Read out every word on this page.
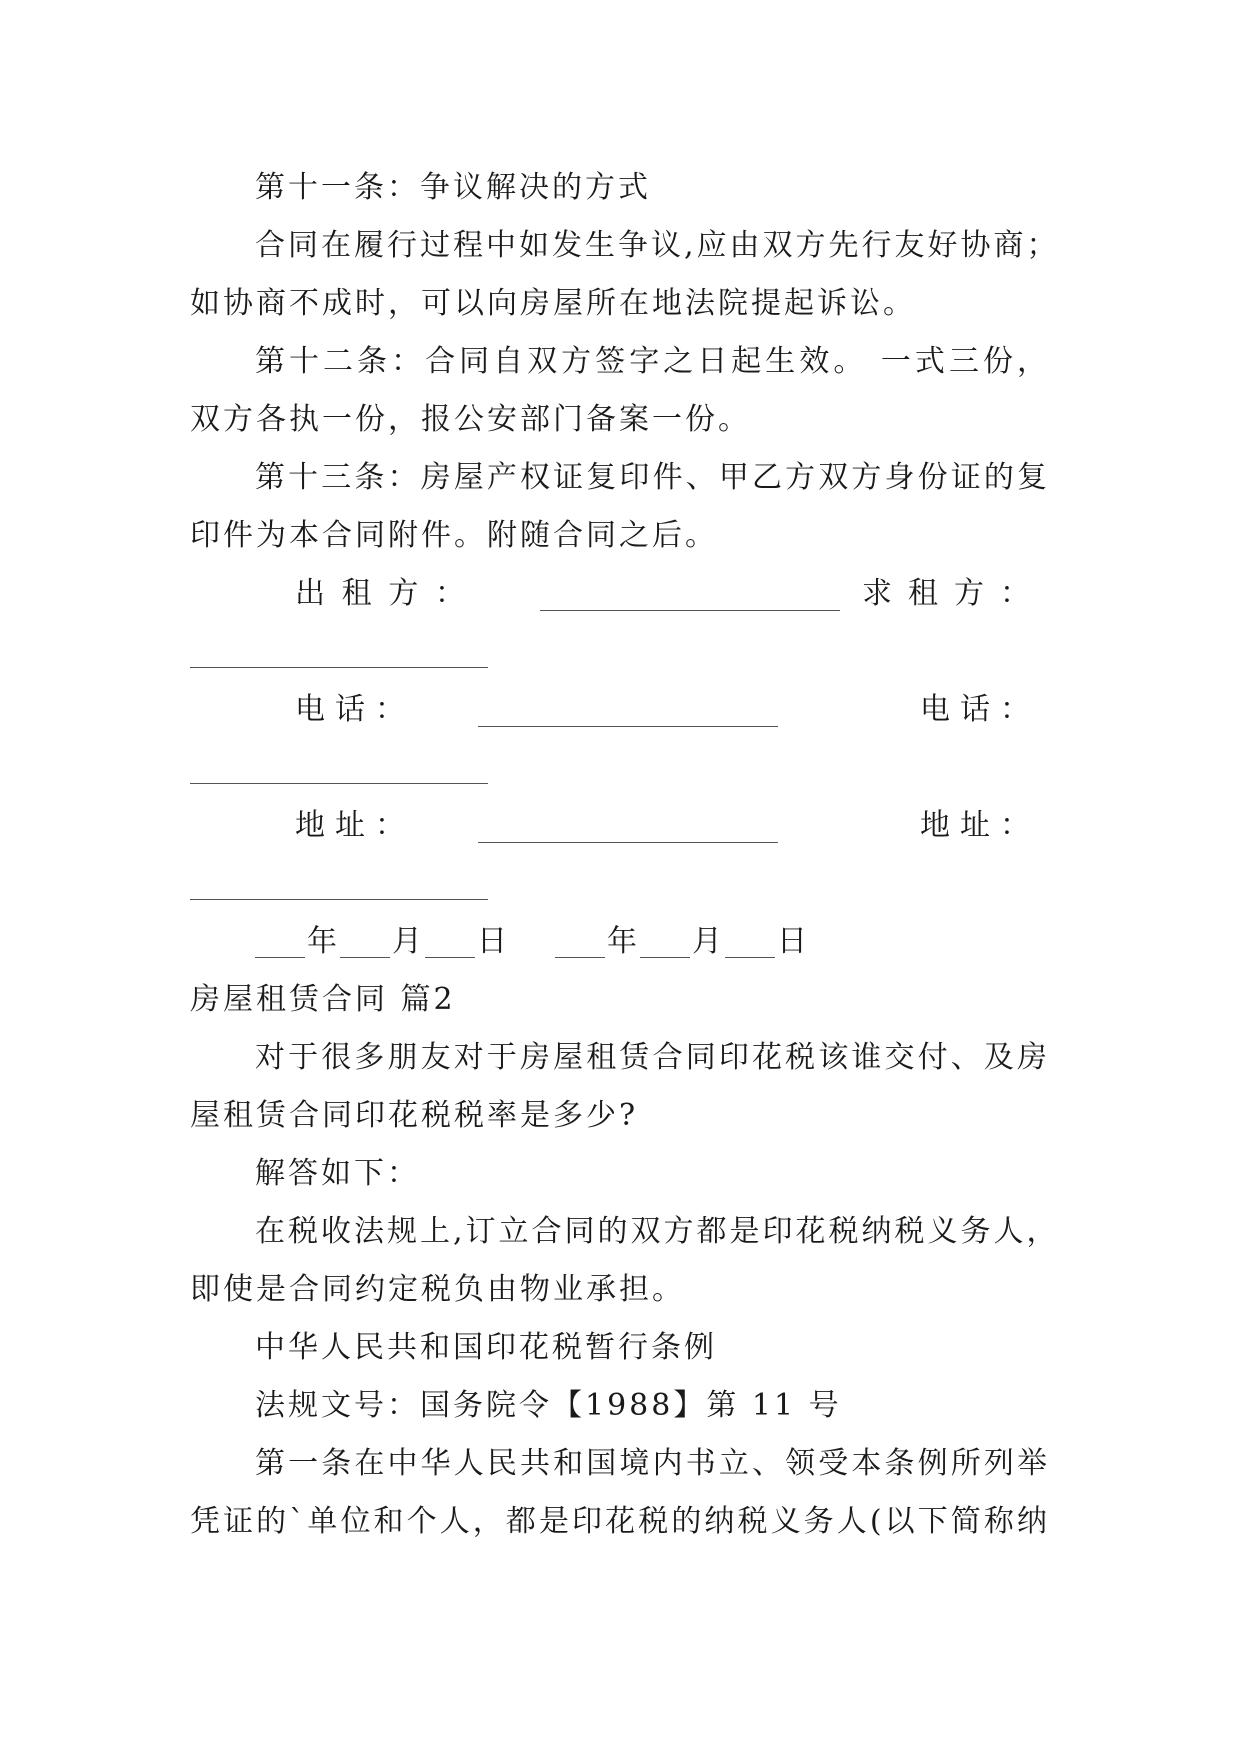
第十一条：争议解决的方式
合同在履行过程中如发生争议,应由双方先行友好协商；
如协商不成时，可以向房屋所在地法院提起诉讼。
第十二条：合同自双方签字之日起生效。 一式三份，
双方各执一份，报公安部门备案一份。
第十三条：房屋产权证复印件、甲乙方双方身份证的复
印件为本合同附件。附随合同之后。
出租方：	求租方：
电话：	电话：
地址：	地址：
年 月 日	年 月 日
房屋租赁合同 篇2
对于很多朋友对于房屋租赁合同印花税该谁交付、及房
屋租赁合同印花税税率是多少?
解答如下：
在税收法规上,订立合同的双方都是印花税纳税义务人，
即使是合同约定税负由物业承担。
中华人民共和国印花税暂行条例
法规文号：国务院令【1988】第 11 号
第一条在中华人民共和国境内书立、领受本条例所列举
凭证的`单位和个人，都是印花税的纳税义务人(以下简称纳
